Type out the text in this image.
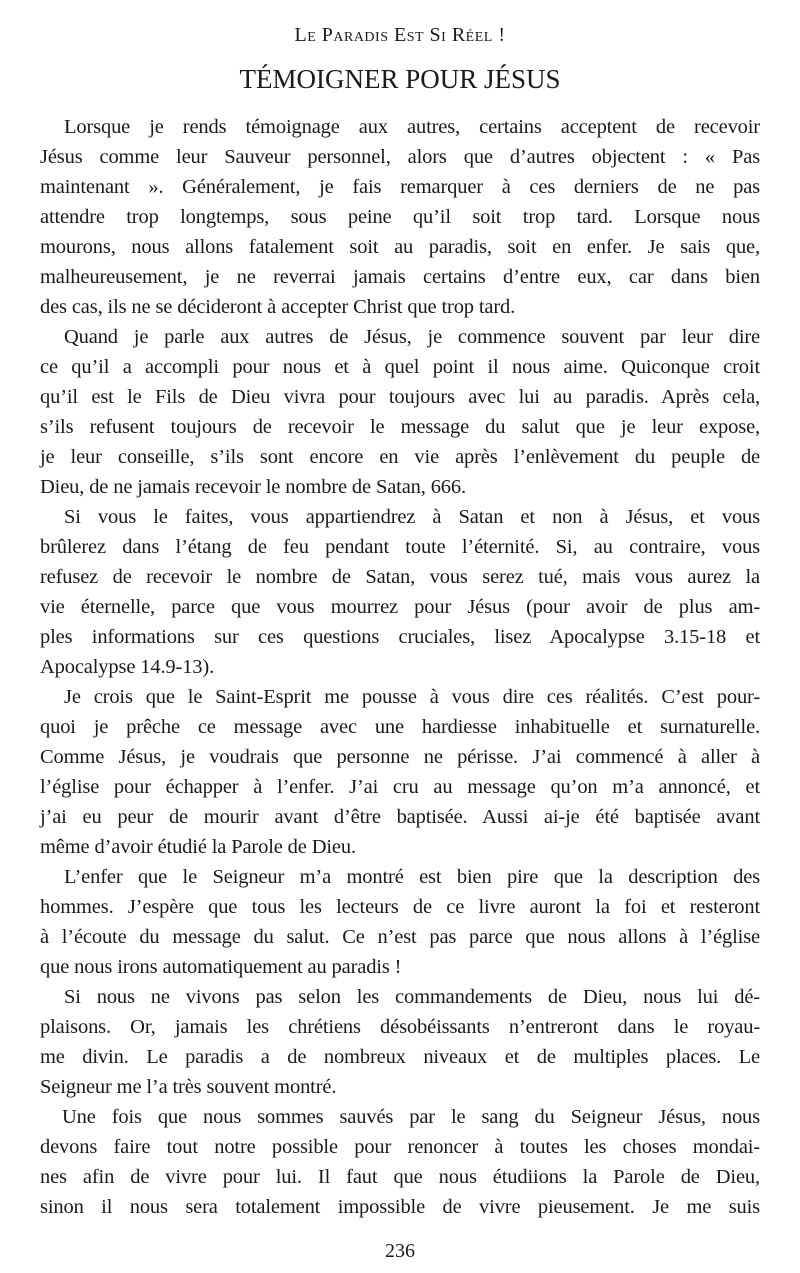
Le Paradis Est Si Réel !
TÉMOIGNER POUR JÉSUS
Lorsque je rends témoignage aux autres, certains acceptent de recevoir
Jésus comme leur Sauveur personnel, alors que d’autres objectent : « Pas
maintenant ». Généralement, je fais remarquer à ces derniers de ne pas
attendre trop longtemps, sous peine qu’il soit trop tard. Lorsque nous
mourons, nous allons fatalement soit au paradis, soit en enfer. Je sais que,
malheureusement, je ne reverrai jamais certains d’entre eux, car dans bien
des cas, ils ne se décideront à accepter Christ que trop tard.
Quand je parle aux autres de Jésus, je commence souvent par leur dire
ce qu’il a accompli pour nous et à quel point il nous aime. Quiconque croit
qu’il est le Fils de Dieu vivra pour toujours avec lui au paradis. Après cela,
s’ils refusent toujours de recevoir le message du salut que je leur expose,
je leur conseille, s’ils sont encore en vie après l’enlèvement du peuple de
Dieu, de ne jamais recevoir le nombre de Satan, 666.
Si vous le faites, vous appartiendrez à Satan et non à Jésus, et vous
brûlerez dans l’étang de feu pendant toute l’éternité. Si, au contraire, vous
refusez de recevoir le nombre de Satan, vous serez tué, mais vous aurez la
vie éternelle, parce que vous mourrez pour Jésus (pour avoir de plus am-
ples informations sur ces questions cruciales, lisez Apocalypse 3.15-18 et
Apocalypse 14.9-13).
Je crois que le Saint-Esprit me pousse à vous dire ces réalités. C’est pour-
quoi je prêche ce message avec une hardiesse inhabituelle et surnaturelle.
Comme Jésus, je voudrais que personne ne périsse. J’ai commencé à aller à
l’église pour échapper à l’enfer. J’ai cru au message qu’on m’a annoncé, et
j’ai eu peur de mourir avant d’être baptisée. Aussi ai-je été baptisée avant
même d’avoir étudié la Parole de Dieu.
L’enfer que le Seigneur m’a montré est bien pire que la description des
hommes. J’espère que tous les lecteurs de ce livre auront la foi et resteront
à l’écoute du message du salut. Ce n’est pas parce que nous allons à l’église
que nous irons automatiquement au paradis !
Si nous ne vivons pas selon les commandements de Dieu, nous lui dé-
plaisons. Or, jamais les chrétiens désobéissants n’entreront dans le royau-
me divin. Le paradis a de nombreux niveaux et de multiples places. Le
Seigneur me l’a très souvent montré.
Une fois que nous sommes sauvés par le sang du Seigneur Jésus, nous
devons faire tout notre possible pour renoncer à toutes les choses mondai-
nes afin de vivre pour lui. Il faut que nous étudiions la Parole de Dieu,
sinon il nous sera totalement impossible de vivre pieusement. Je me suis
236
